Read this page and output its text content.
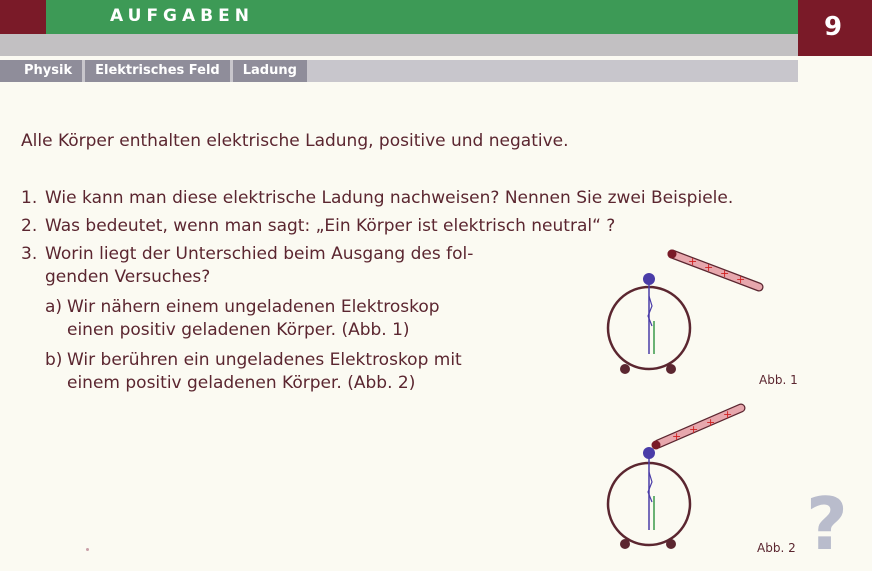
AUFGABEN	9
Physik	Elektrisches Feld	Ladung
Alle Körper enthalten elektrische Ladung, positive und negative.
1. Wie kann man diese elektrische Ladung nachweisen? Nennen Sie zwei Beispiele.
2. Was bedeutet, wenn man sagt: „Ein Körper ist elektrisch neutral“ ?
3. Worin liegt der Unterschied beim Ausgang des fol-
genden Versuches?
a) Wir nähern einem ungeladenen Elektroskop
einen positiv geladenen Körper. (Abb. 1)
b) Wir berühren ein ungeladenes Elektroskop mit
einem positiv geladenen Körper. (Abb. 2)
+ + + +
Abb. 1
+
+
+
+
Abb. 2 ?
